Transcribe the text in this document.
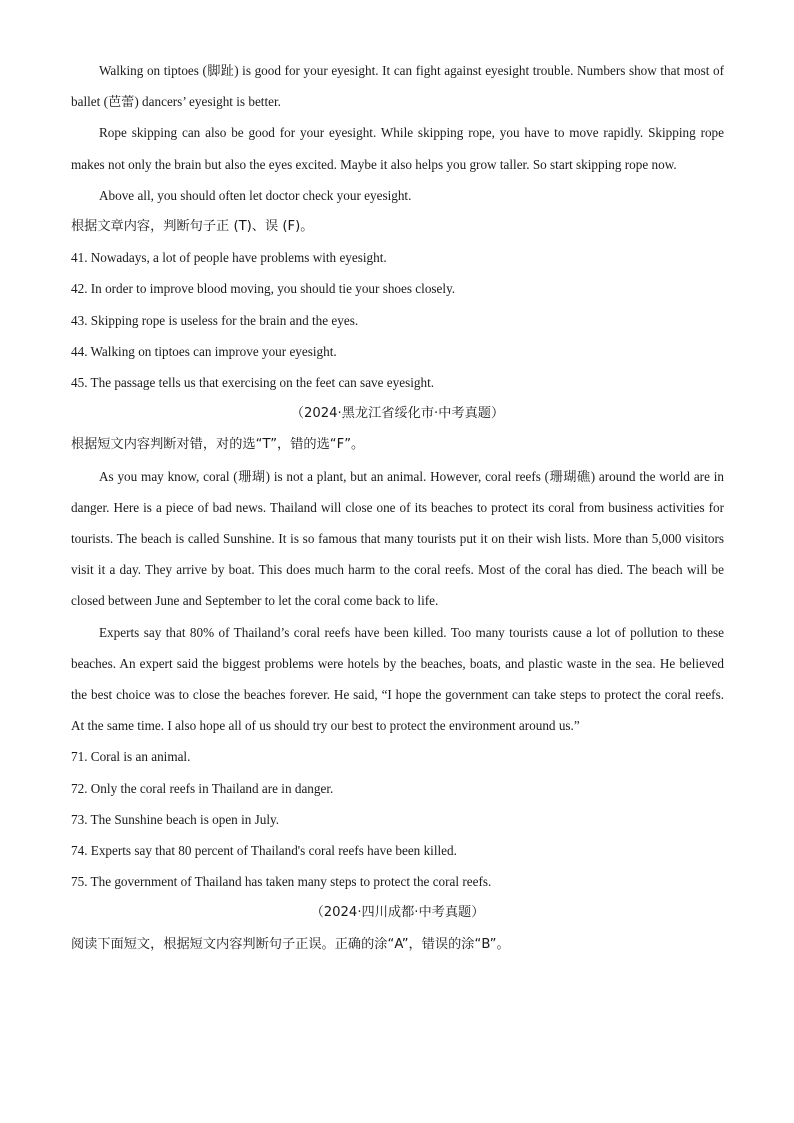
Walking on tiptoes (脚趾) is good for your eyesight. It can fight against eyesight trouble. Numbers show that most of ballet (芭蕾) dancers’ eyesight is better.

Rope skipping can also be good for your eyesight. While skipping rope, you have to move rapidly. Skipping rope makes not only the brain but also the eyes excited. Maybe it also helps you grow taller. So start skipping rope now.

Above all, you should often let doctor check your eyesight.

根据文章内容，判断句子正 (T)、误 (F)。

41. Nowadays, a lot of people have problems with eyesight.

42. In order to improve blood moving, you should tie your shoes closely.

43. Skipping rope is useless for the brain and the eyes.

44. Walking on tiptoes can improve your eyesight.

45. The passage tells us that exercising on the feet can save eyesight.

（2024·黑龙江省绥化市·中考真题）

根据短文内容判断对错，对的选“T”，错的选“F”。

As you may know, coral (珊瑚) is not a plant, but an animal. However, coral reefs (珊瑚礁) around the world are in danger. Here is a piece of bad news. Thailand will close one of its beaches to protect its coral from business activities for tourists. The beach is called Sunshine. It is so famous that many tourists put it on their wish lists. More than 5,000 visitors visit it a day. They arrive by boat. This does much harm to the coral reefs. Most of the coral has died. The beach will be closed between June and September to let the coral come back to life.

Experts say that 80% of Thailand’s coral reefs have been killed. Too many tourists cause a lot of pollution to these beaches. An expert said the biggest problems were hotels by the beaches, boats, and plastic waste in the sea. He believed the best choice was to close the beaches forever. He said, “I hope the government can take steps to protect the coral reefs. At the same time. I also hope all of us should try our best to protect the environment around us.”

71. Coral is an animal.

72. Only the coral reefs in Thailand are in danger.

73. The Sunshine beach is open in July.

74. Experts say that 80 percent of Thailand's coral reefs have been killed.

75. The government of Thailand has taken many steps to protect the coral reefs.

（2024·四川成都·中考真题）

阅读下面短文，根据短文内容判断句子正误。正确的涂“A”，错误的涂“B”。
